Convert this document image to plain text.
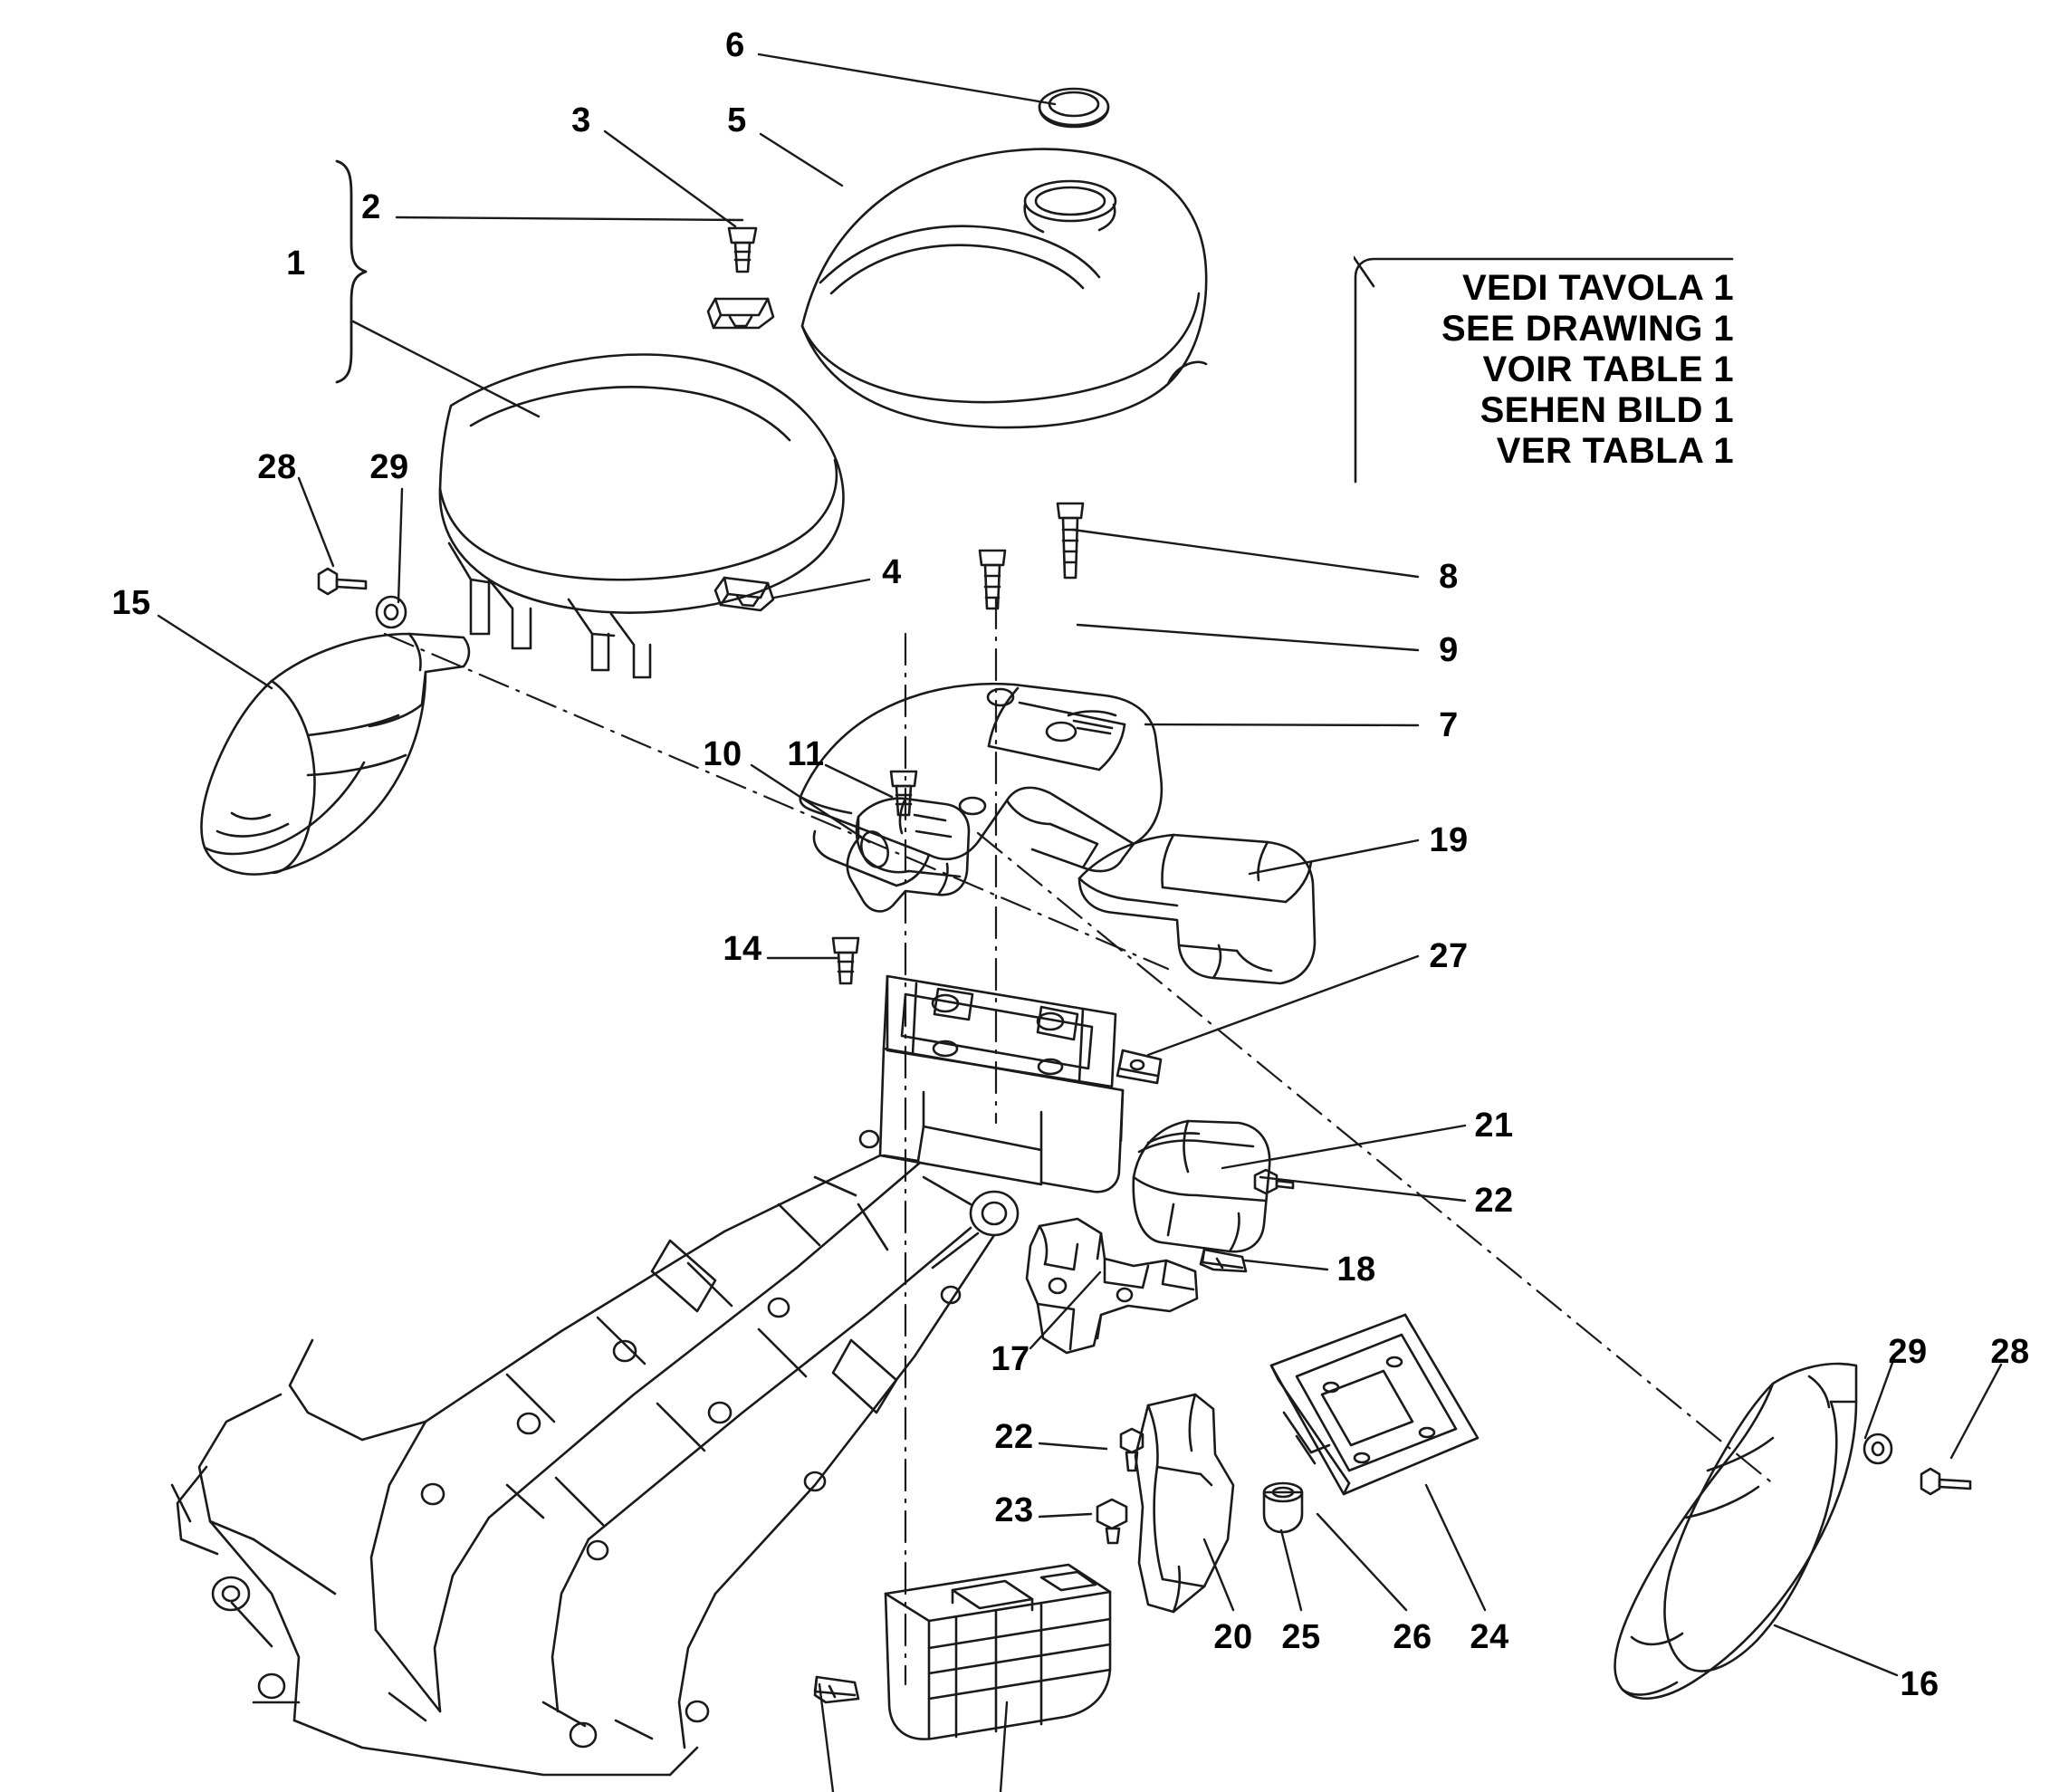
VEDI TAVOLA 1
SEE DRAWING 1
VOIR TABLE 1
SEHEN BILD 1
VER TABLA 1
6
3	5
2
1
28 29
15
4	8
9
7
10 11
19
14	27
21
22
18
17	29 28
22
23
20 25 26 24
16
